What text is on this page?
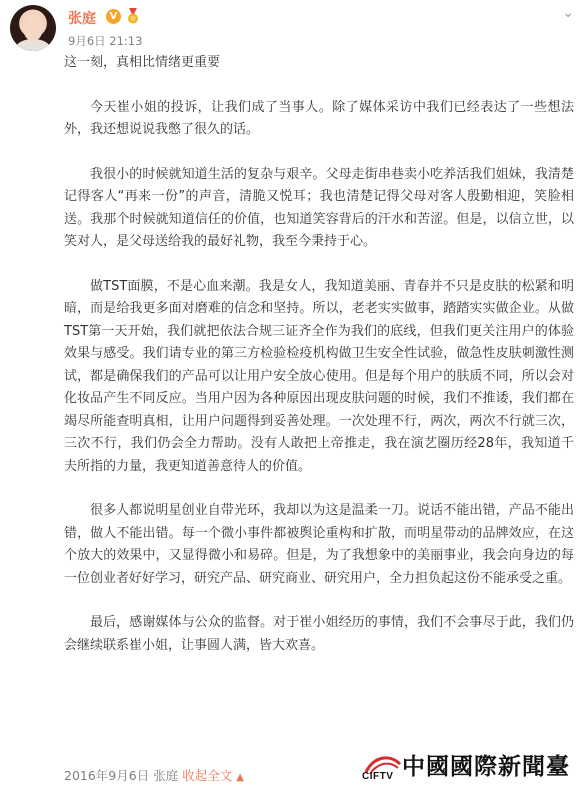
张庭	V	⌄
9月6日 21:13

这一刻，真相比情绪更重要

今天崔小姐的投诉，让我们成了当事人。除了媒体采访中我们已经表达了一些想法外，我还想说说我憋了很久的话。

我很小的时候就知道生活的复杂与艰辛。父母走街串巷卖小吃养活我们姐妹，我清楚记得客人“再来一份”的声音，清脆又悦耳；我也清楚记得父母对客人殷勤相迎，笑脸相送。我那个时候就知道信任的价值，也知道笑容背后的汗水和苦涩。但是，以信立世，以笑对人，是父母送给我的最好礼物，我至今秉持于心。

做TST面膜，不是心血来潮。我是女人，我知道美丽、青春并不只是皮肤的松紧和明暗，而是给我更多面对磨难的信念和坚持。所以，老老实实做事，踏踏实实做企业。从做TST第一天开始，我们就把依法合规三证齐全作为我们的底线，但我们更关注用户的体验效果与感受。我们请专业的第三方检验检疫机构做卫生安全性试验，做急性皮肤刺激性测试，都是确保我们的产品可以让用户安全放心使用。但是每个用户的肤质不同，所以会对化妆品产生不同反应。当用户因为各种原因出现皮肤问题的时候，我们不推诿，我们都在竭尽所能查明真相，让用户问题得到妥善处理。一次处理不行，两次，两次不行就三次，三次不行，我们仍会全力帮助。没有人敢把上帝推走，我在演艺圈历经28年，我知道千夫所指的力量，我更知道善意待人的价值。

很多人都说明星创业自带光环，我却以为这是温柔一刀。说话不能出错，产品不能出错，做人不能出错。每一个微小事件都被舆论重构和扩散，而明星带动的品牌效应，在这个放大的效果中，又显得微小和易碎。但是，为了我想象中的美丽事业，我会向身边的每一位创业者好好学习，研究产品、研究商业、研究用户，全力担负起这份不能承受之重。

最后，感谢媒体与公众的监督。对于崔小姐经历的事情，我们不会事尽于此，我们仍会继续联系崔小姐，让事圆人满，皆大欢喜。

2016年9月6日 张庭 收起全文 ▲	CIFTV 中國國際新聞臺
